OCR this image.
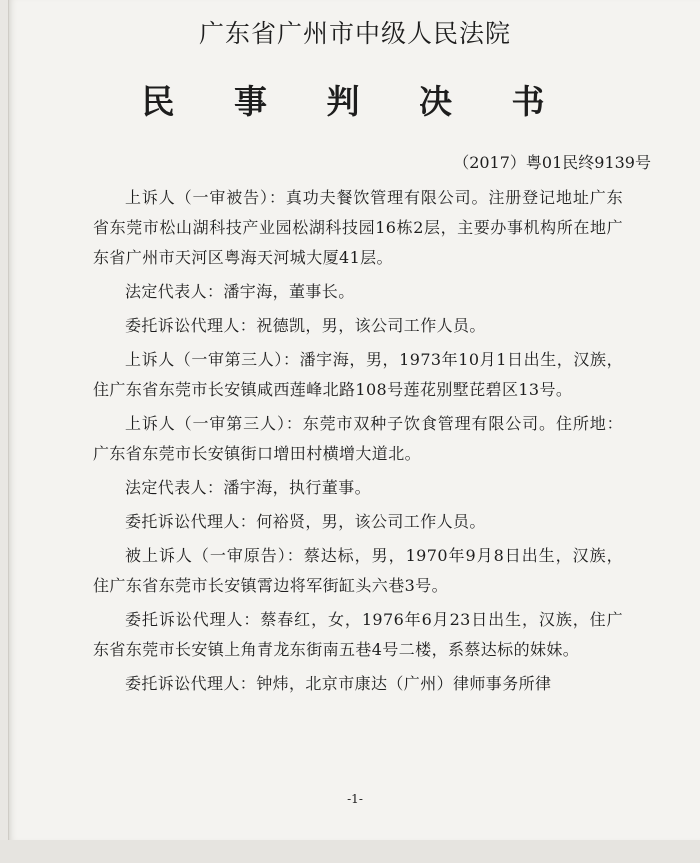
广东省广州市中级人民法院
民 事 判 决 书
（2017）粤01民终9139号

上诉人（一审被告）：真功夫餐饮管理有限公司。注册登记地址广东省东莞市松山湖科技产业园松湖科技园16栋2层，主要办事机构所在地广东省广州市天河区粤海天河城大厦41层。

法定代表人：潘宇海，董事长。

委托诉讼代理人：祝德凯，男，该公司工作人员。

上诉人（一审第三人）：潘宇海，男，1973年10月1日出生，汉族，住广东省东莞市长安镇咸西莲峰北路108号莲花别墅芘碧区13号。

上诉人（一审第三人）：东莞市双种子饮食管理有限公司。住所地：广东省东莞市长安镇街口增田村横增大道北。

法定代表人：潘宇海，执行董事。

委托诉讼代理人：何裕贤，男，该公司工作人员。

被上诉人（一审原告）：蔡达标，男，1970年9月8日出生，汉族，住广东省东莞市长安镇霄边将军街缸头六巷3号。

委托诉讼代理人：蔡春红，女，1976年6月23日出生，汉族，住广东省东莞市长安镇上角青龙东街南五巷4号二楼，系蔡达标的妹妹。

委托诉讼代理人：钟炜，北京市康达（广州）律师事务所律

-1-
